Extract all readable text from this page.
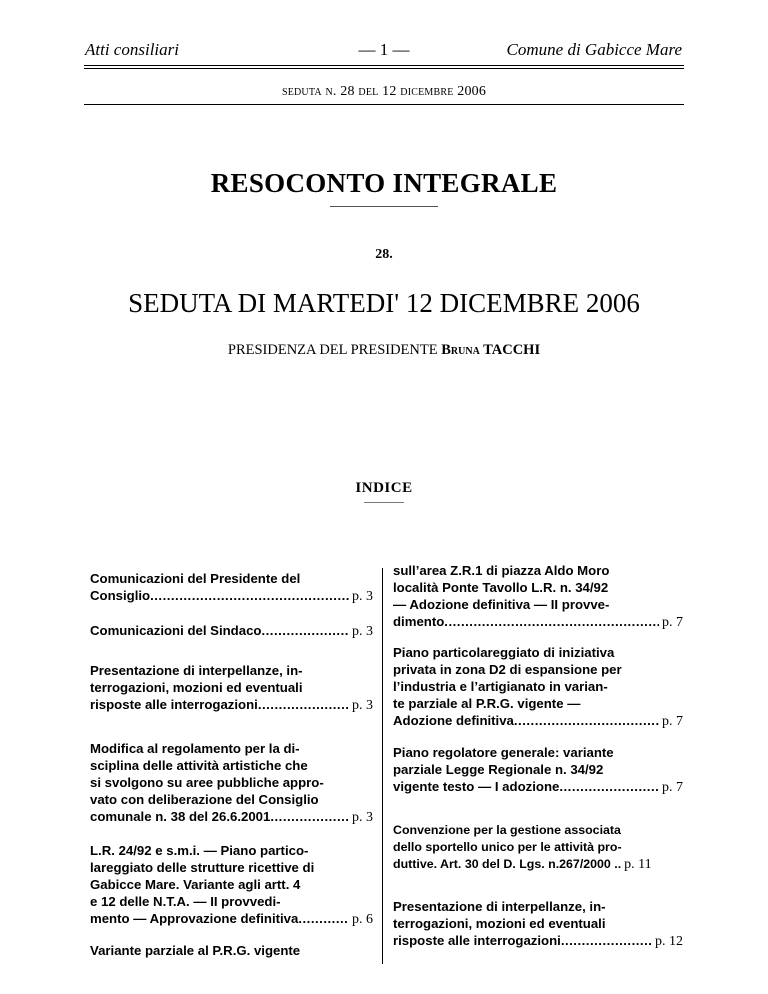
Atti consiliari	— 1 —	Comune di Gabicce Mare
seduta n. 28 del 12 dicembre 2006
RESOCONTO INTEGRALE
28.
SEDUTA DI MARTEDI' 12 DICEMBRE 2006
PRESIDENZA DEL PRESIDENTE Bruna TACCHI
INDICE
Comunicazioni del Presidente del
Consiglio .....	p. 3
Comunicazioni del Sindaco .....	p. 3
Presentazione di interpellanze, in-
terrogazioni, mozioni ed eventuali
risposte alle interrogazioni .....	p. 3
Modifica al regolamento per la di-
sciplina delle attività artistiche che
si svolgono su aree pubbliche appro-
vato con deliberazione del Consiglio
comunale n. 38 del 26.6.2001 .....	p. 3
L.R. 24/92 e s.m.i. — Piano partico-
lareggiato delle strutture ricettive di
Gabicce Mare. Variante agli artt. 4
e 12 delle N.T.A. — II provvedi-
mento — Approvazione definitiva .....	p. 6
Variante parziale al P.R.G. vigente
sull’area Z.R.1 di piazza Aldo Moro
località Ponte Tavollo L.R. n. 34/92
— Adozione definitiva — II provve-
dimento .....	p. 7
Piano particolareggiato di iniziativa
privata in zona D2 di espansione per
l’industria e l’artigianato in varian-
te parziale al P.R.G. vigente —
Adozione definitiva .....	p. 7
Piano regolatore generale: variante
parziale Legge Regionale n. 34/92
vigente testo — I adozione .....	p. 7
Convenzione per la gestione associata
dello sportello unico per le attività pro-
duttive. Art. 30 del D. Lgs. n.267/2000 .. p. 11
Presentazione di interpellanze, in-
terrogazioni, mozioni ed eventuali
risposte alle interrogazioni .....	p. 12
